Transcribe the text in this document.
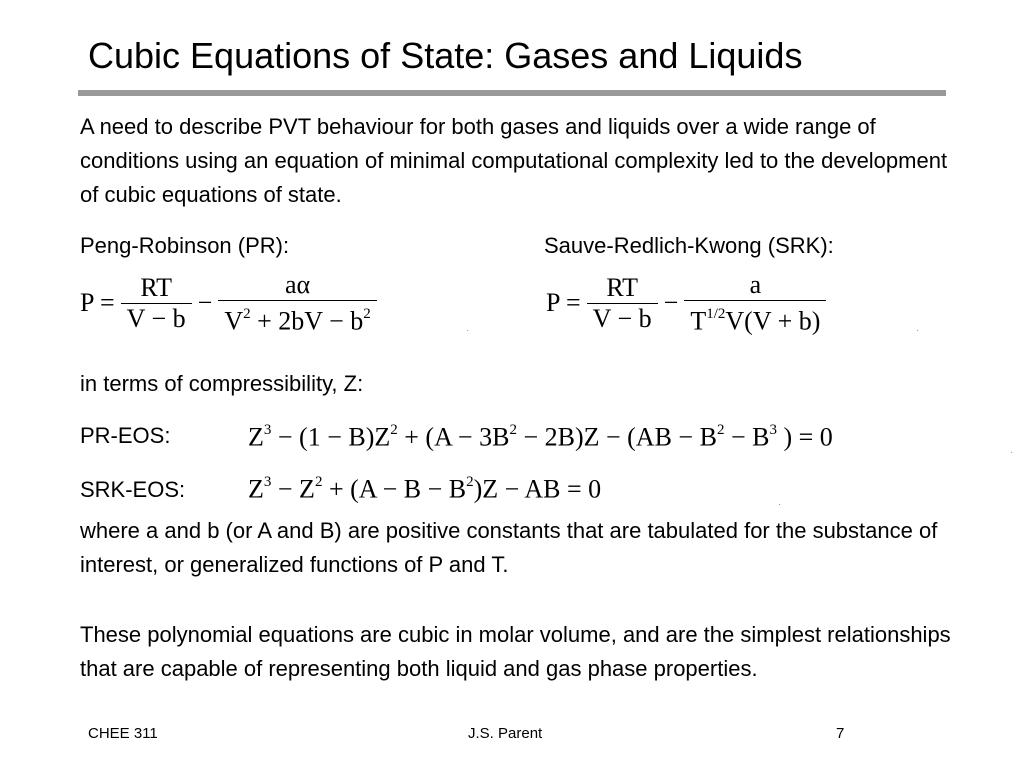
Cubic Equations of State: Gases and Liquids
A need to describe PVT behaviour for both gases and liquids over a wide range of conditions using an equation of minimal computational complexity led to the development of cubic equations of state.
Peng-Robinson (PR):	Sauve-Redlich-Kwong (SRK):
$P = \frac{RT}{V - b} - \frac{a\alpha}{V^2 + 2bV - b^2}$	·
$P = \frac{RT}{V - b} - \frac{a}{T^{1/2}V(V + b)}$	·
in terms of compressibility, Z:
PR-EOS:	$Z^3 - (1 - B)Z^2 + (A - 3B^2 - 2B)Z - (AB - B^2 - B^3$ ) = 0
·
SRK-EOS: $Z^3 - Z^2 + (A - B - B^2)Z$ − AB = 0
·
where a and b (or A and B) are positive constants that are tabulated for the substance of interest, or generalized functions of P and T.
These polynomial equations are cubic in molar volume, and are the simplest relationships that are capable of representing both liquid and gas phase properties.
CHEE 311	J.S. Parent	7
